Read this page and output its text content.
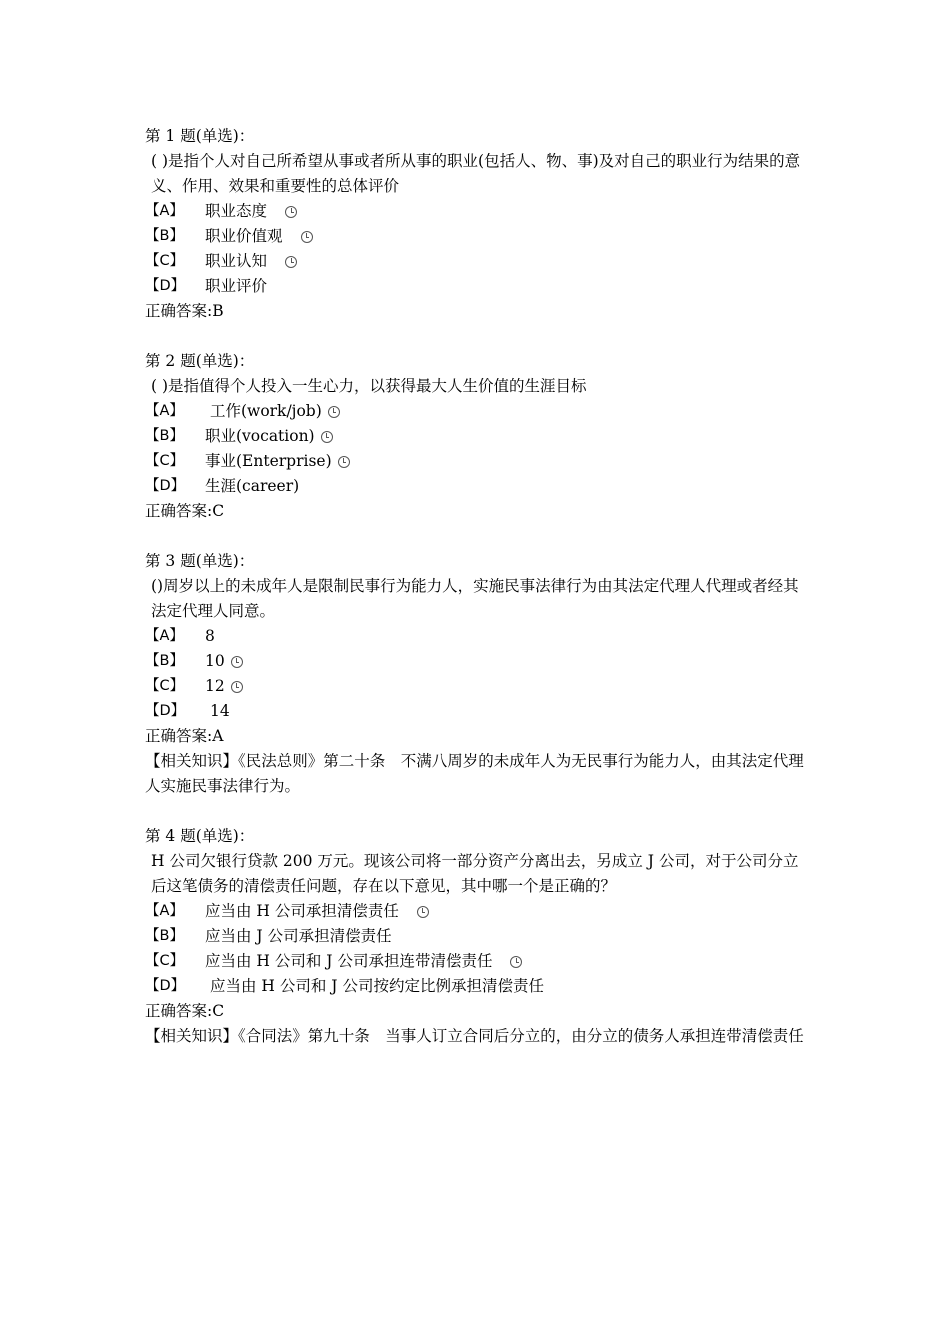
第 1 题(单选)：
( )是指个人对自己所希望从事或者所从事的职业(包括人、物、事)及对自己的职业行为结果的意义、作用、效果和重要性的总体评价
【A】	职业态度
【B】	职业价值观
【C】	职业认知
【D】	职业评价
正确答案:B
第 2 题(单选)：
( )是指值得个人投入一生心力，以获得最大人生价值的生涯目标
【A】	工作(work/job)
【B】	职业(vocation)
【C】	事业(Enterprise)
【D】	生涯(career)
正确答案:C
第 3 题(单选)：
()周岁以上的未成年人是限制民事行为能力人，实施民事法律行为由其法定代理人代理或者经其法定代理人同意。
【A】	8
【B】	10
【C】	12
【D】	14
正确答案:A
【相关知识】《民法总则》第二十条　不满八周岁的未成年人为无民事行为能力人，由其法定代理人实施民事法律行为。
第 4 题(单选)：
H 公司欠银行贷款 200 万元。现该公司将一部分资产分离出去，另成立 J 公司，对于公司分立后这笔债务的清偿责任问题，存在以下意见，其中哪一个是正确的？
【A】	应当由 H 公司承担清偿责任
【B】	应当由 J 公司承担清偿责任
【C】	应当由 H 公司和 J 公司承担连带清偿责任
【D】	应当由 H 公司和 J 公司按约定比例承担清偿责任
正确答案:C
【相关知识】《合同法》第九十条　当事人订立合同后分立的，由分立的债务人承担连带清偿责任
